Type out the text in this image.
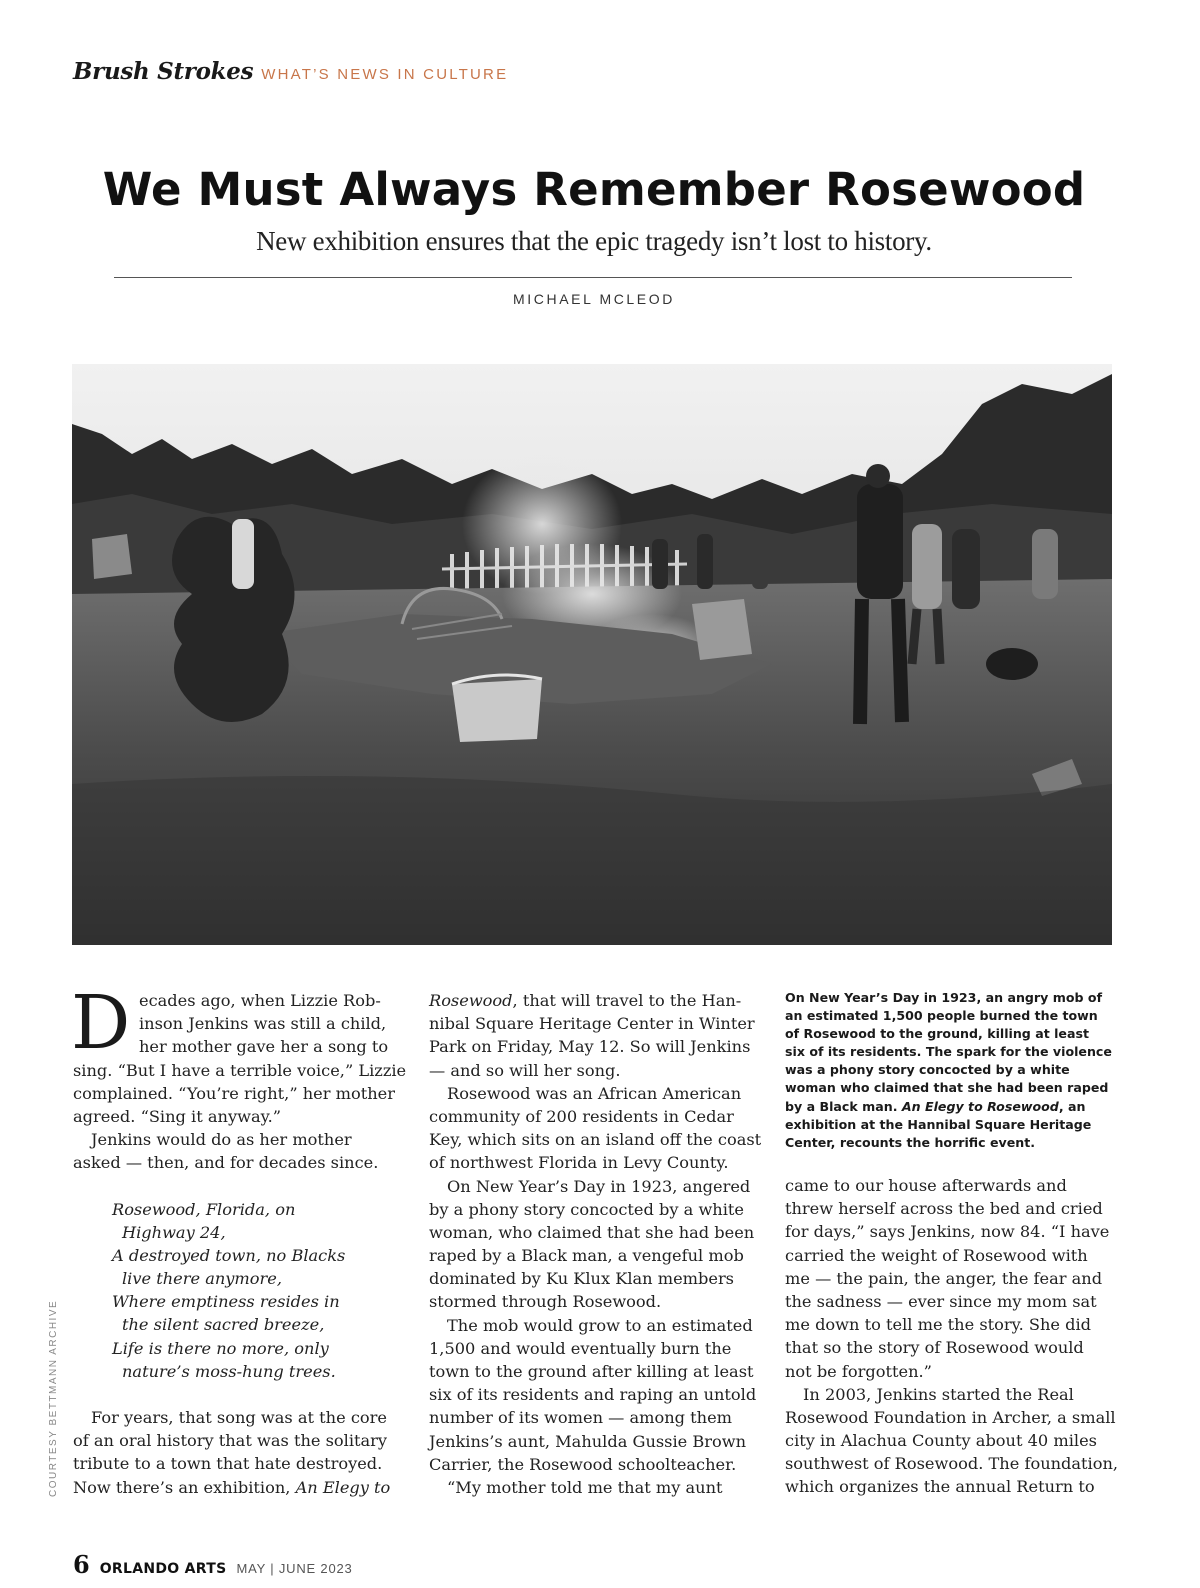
Brush Strokes WHAT’S NEWS IN CULTURE
We Must Always Remember Rosewood
New exhibition ensures that the epic tragedy isn’t lost to history.
MICHAEL MCLEOD
COURTESY BETTMANN ARCHIVE
D ecades ago, when Lizzie Rob-
inson Jenkins was still a child,
her mother gave her a song to
sing. “But I have a terrible voice,” Lizzie
complained. “You’re right,” her mother
agreed. “Sing it anyway.”
Jenkins would do as her mother
asked — then, and for decades since.
Rosewood, Florida, on
Highway 24,
A destroyed town, no Blacks
live there anymore,
Where emptiness resides in
the silent sacred breeze,
Life is there no more, only
nature’s moss-hung trees.
For years, that song was at the core
of an oral history that was the solitary
tribute to a town that hate destroyed.
Now there’s an exhibition, An Elegy to
Rosewood, that will travel to the Han-
nibal Square Heritage Center in Winter
Park on Friday, May 12. So will Jenkins
— and so will her song.
Rosewood was an African American
community of 200 residents in Cedar
Key, which sits on an island off the coast
of northwest Florida in Levy County.
On New Year’s Day in 1923, angered
by a phony story concocted by a white
woman, who claimed that she had been
raped by a Black man, a vengeful mob
dominated by Ku Klux Klan members
stormed through Rosewood.
The mob would grow to an estimated
1,500 and would eventually burn the
town to the ground after killing at least
six of its residents and raping an untold
number of its women — among them
Jenkins’s aunt, Mahulda Gussie Brown
Carrier, the Rosewood schoolteacher.
“My mother told me that my aunt
On New Year’s Day in 1923, an angry mob of
an estimated 1,500 people burned the town
of Rosewood to the ground, killing at least
six of its residents. The spark for the violence
was a phony story concocted by a white
woman who claimed that she had been raped
by a Black man. An Elegy to Rosewood, an
exhibition at the Hannibal Square Heritage
Center, recounts the horrific event.
came to our house afterwards and
threw herself across the bed and cried
for days,” says Jenkins, now 84. “I have
carried the weight of Rosewood with
me — the pain, the anger, the fear and
the sadness — ever since my mom sat
me down to tell me the story. She did
that so the story of Rosewood would
not be forgotten.”
In 2003, Jenkins started the Real
Rosewood Foundation in Archer, a small
city in Alachua County about 40 miles
southwest of Rosewood. The foundation,
which organizes the annual Return to
6 ORLANDO ARTS MAY | JUNE 2023
